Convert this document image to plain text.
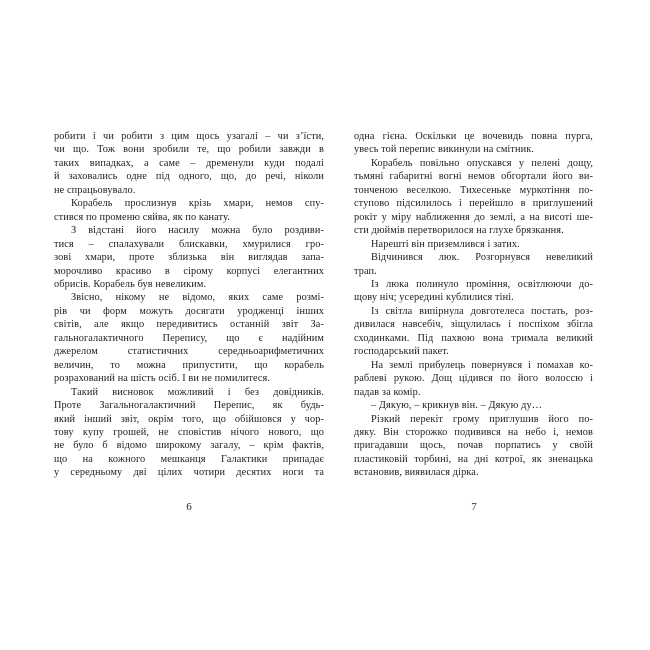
робити і чи робити з цим щось узагалі – чи з’їсти,
чи що. Тож вони зробили те, що робили завжди в
таких випадках, а саме – дременули куди подалі
й заховались одне під одного, що, до речі, ніколи
не спрацьовувало.
Корабель прослизнув крізь хмари, немов спу-
стився по променю сяйва, як по канату.
З відстані його насилу можна було роздиви-
тися – спалахували блискавки, хмурилися гро-
зові хмари, проте зблизька він виглядав запа-
морочливо красиво в сірому корпусі елегантних
обрисів. Корабель був невеликим.
Звісно, нікому не відомо, яких саме розмі-
рів чи форм можуть досягати уродженці інших
світів, але якщо передивитись останній звіт За-
гальногалактичного Перепису, що є надійним
джерелом статистичних середньоарифметичних
величин, то можна припустити, що корабель
розрахований на шість осіб. І ви не помилитеся.
Такий висновок можливий і без довідників.
Проте Загальногалактичний Перепис, як будь-
який інший звіт, окрім того, що обійшовся у чор-
тову купу грошей, не сповістив нічого нового, що
не було б відомо широкому загалу, – крім фактів,
що на кожного мешканця Галактики припадає
у середньому дві цілих чотири десятих ноги та
одна гієна. Оскільки це вочевидь повна пурга,
увесь той перепис викинули на смітник.
Корабель повільно опускався у пелені дощу,
тьмяні габаритні вогні немов обгортали його ви-
тонченою веселкою. Тихесеньке муркотіння по-
ступово підсилилось і перейшло в приглушений
рокіт у міру наближення до землі, а на висоті ше-
сти дюймів перетворилося на глухе брязкання.
Нарешті він приземлився і затих.
Відчинився люк. Розгорнувся невеликий
трап.
Із люка полинуло проміння, освітлюючи до-
щову ніч; усередині кублилися тіні.
Із світла випірнула довготелеса постать, роз-
дивилася навсебіч, зіщулилась і поспіхом збігла
сходинками. Під пахвою вона тримала великий
господарський пакет.
На землі прибулець повернувся і помахав ко-
раблеві рукою. Дощ цідився по його волоссю і
падав за комір.
– Дякую, – крикнув він. – Дякую ду…
Різкий перекіт грому приглушив його по-
дяку. Він сторожко подивився на небо і, немов
пригадавши щось, почав порпатись у своїй
пластиковій торбині, на дні котрої, як зненацька
встановив, виявилася дірка.
6	7
